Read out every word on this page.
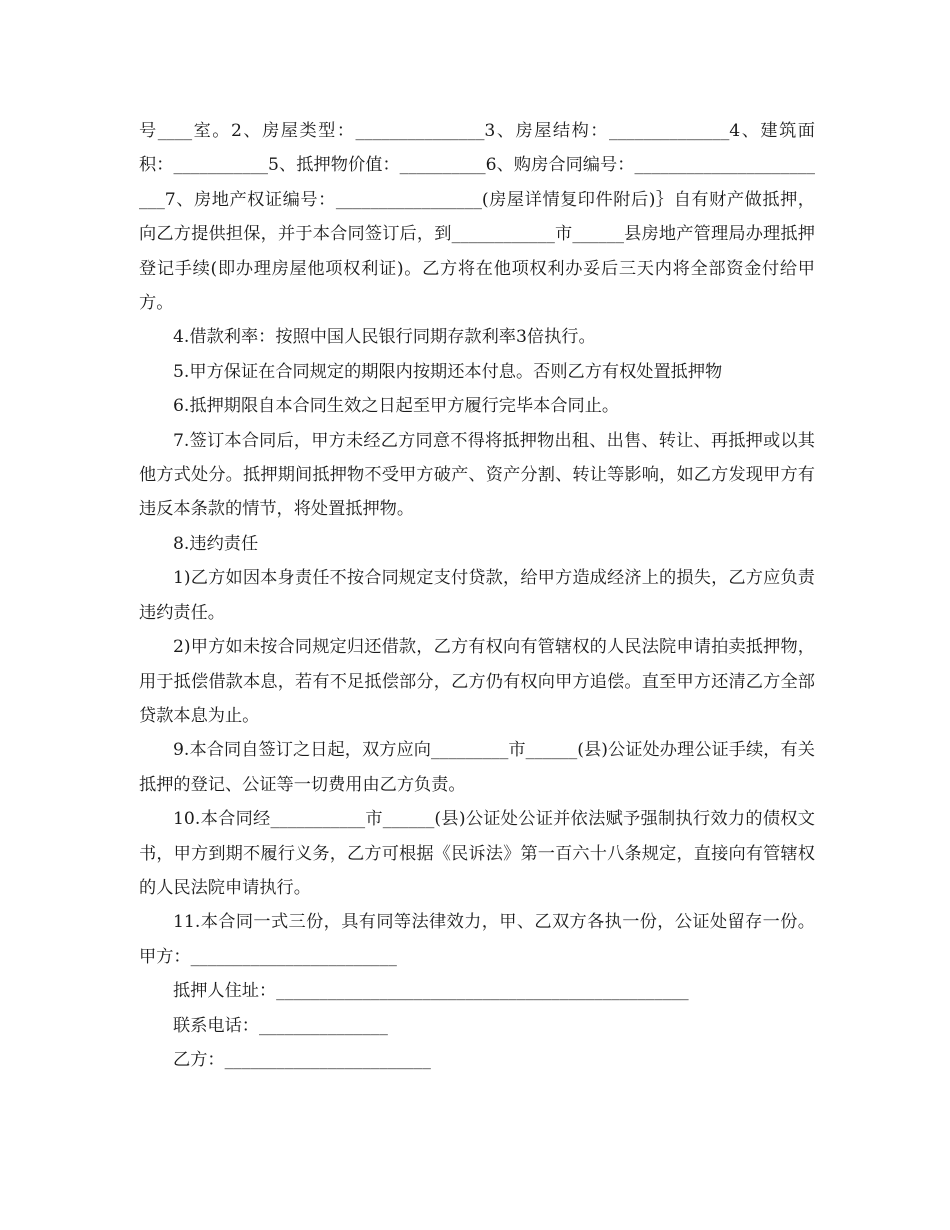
号____室。2、房屋类型：_______________3、房屋结构：______________4、建筑面积：___________5、抵押物价值：__________6、购房合同编号：________________________7、房地产权证编号：_________________(房屋详情复印件附后)｝自有财产做抵押，向乙方提供担保，并于本合同签订后，到____________市______县房地产管理局办理抵押登记手续(即办理房屋他项权利证)。乙方将在他项权利办妥后三天内将全部资金付给甲方。

4.借款利率：按照中国人民银行同期存款利率3倍执行。

5.甲方保证在合同规定的期限内按期还本付息。否则乙方有权处置抵押物

6.抵押期限自本合同生效之日起至甲方履行完毕本合同止。

7.签订本合同后，甲方未经乙方同意不得将抵押物出租、出售、转让、再抵押或以其他方式处分。抵押期间抵押物不受甲方破产、资产分割、转让等影响，如乙方发现甲方有违反本条款的情节，将处置抵押物。

8.违约责任

1)乙方如因本身责任不按合同规定支付贷款，给甲方造成经济上的损失，乙方应负责违约责任。

2)甲方如未按合同规定归还借款，乙方有权向有管辖权的人民法院申请拍卖抵押物，用于抵偿借款本息，若有不足抵偿部分，乙方仍有权向甲方追偿。直至甲方还清乙方全部贷款本息为止。

9.本合同自签订之日起，双方应向_________市______(县)公证处办理公证手续，有关抵押的登记、公证等一切费用由乙方负责。

10.本合同经___________市______(县)公证处公证并依法赋予强制执行效力的债权文书，甲方到期不履行义务，乙方可根据《民诉法》第一百六十八条规定，直接向有管辖权的人民法院申请执行。

11.本合同一式三份，具有同等法律效力，甲、乙双方各执一份，公证处留存一份。甲方：________________________

抵押人住址：________________________________________________

联系电话：_______________

乙方：________________________
